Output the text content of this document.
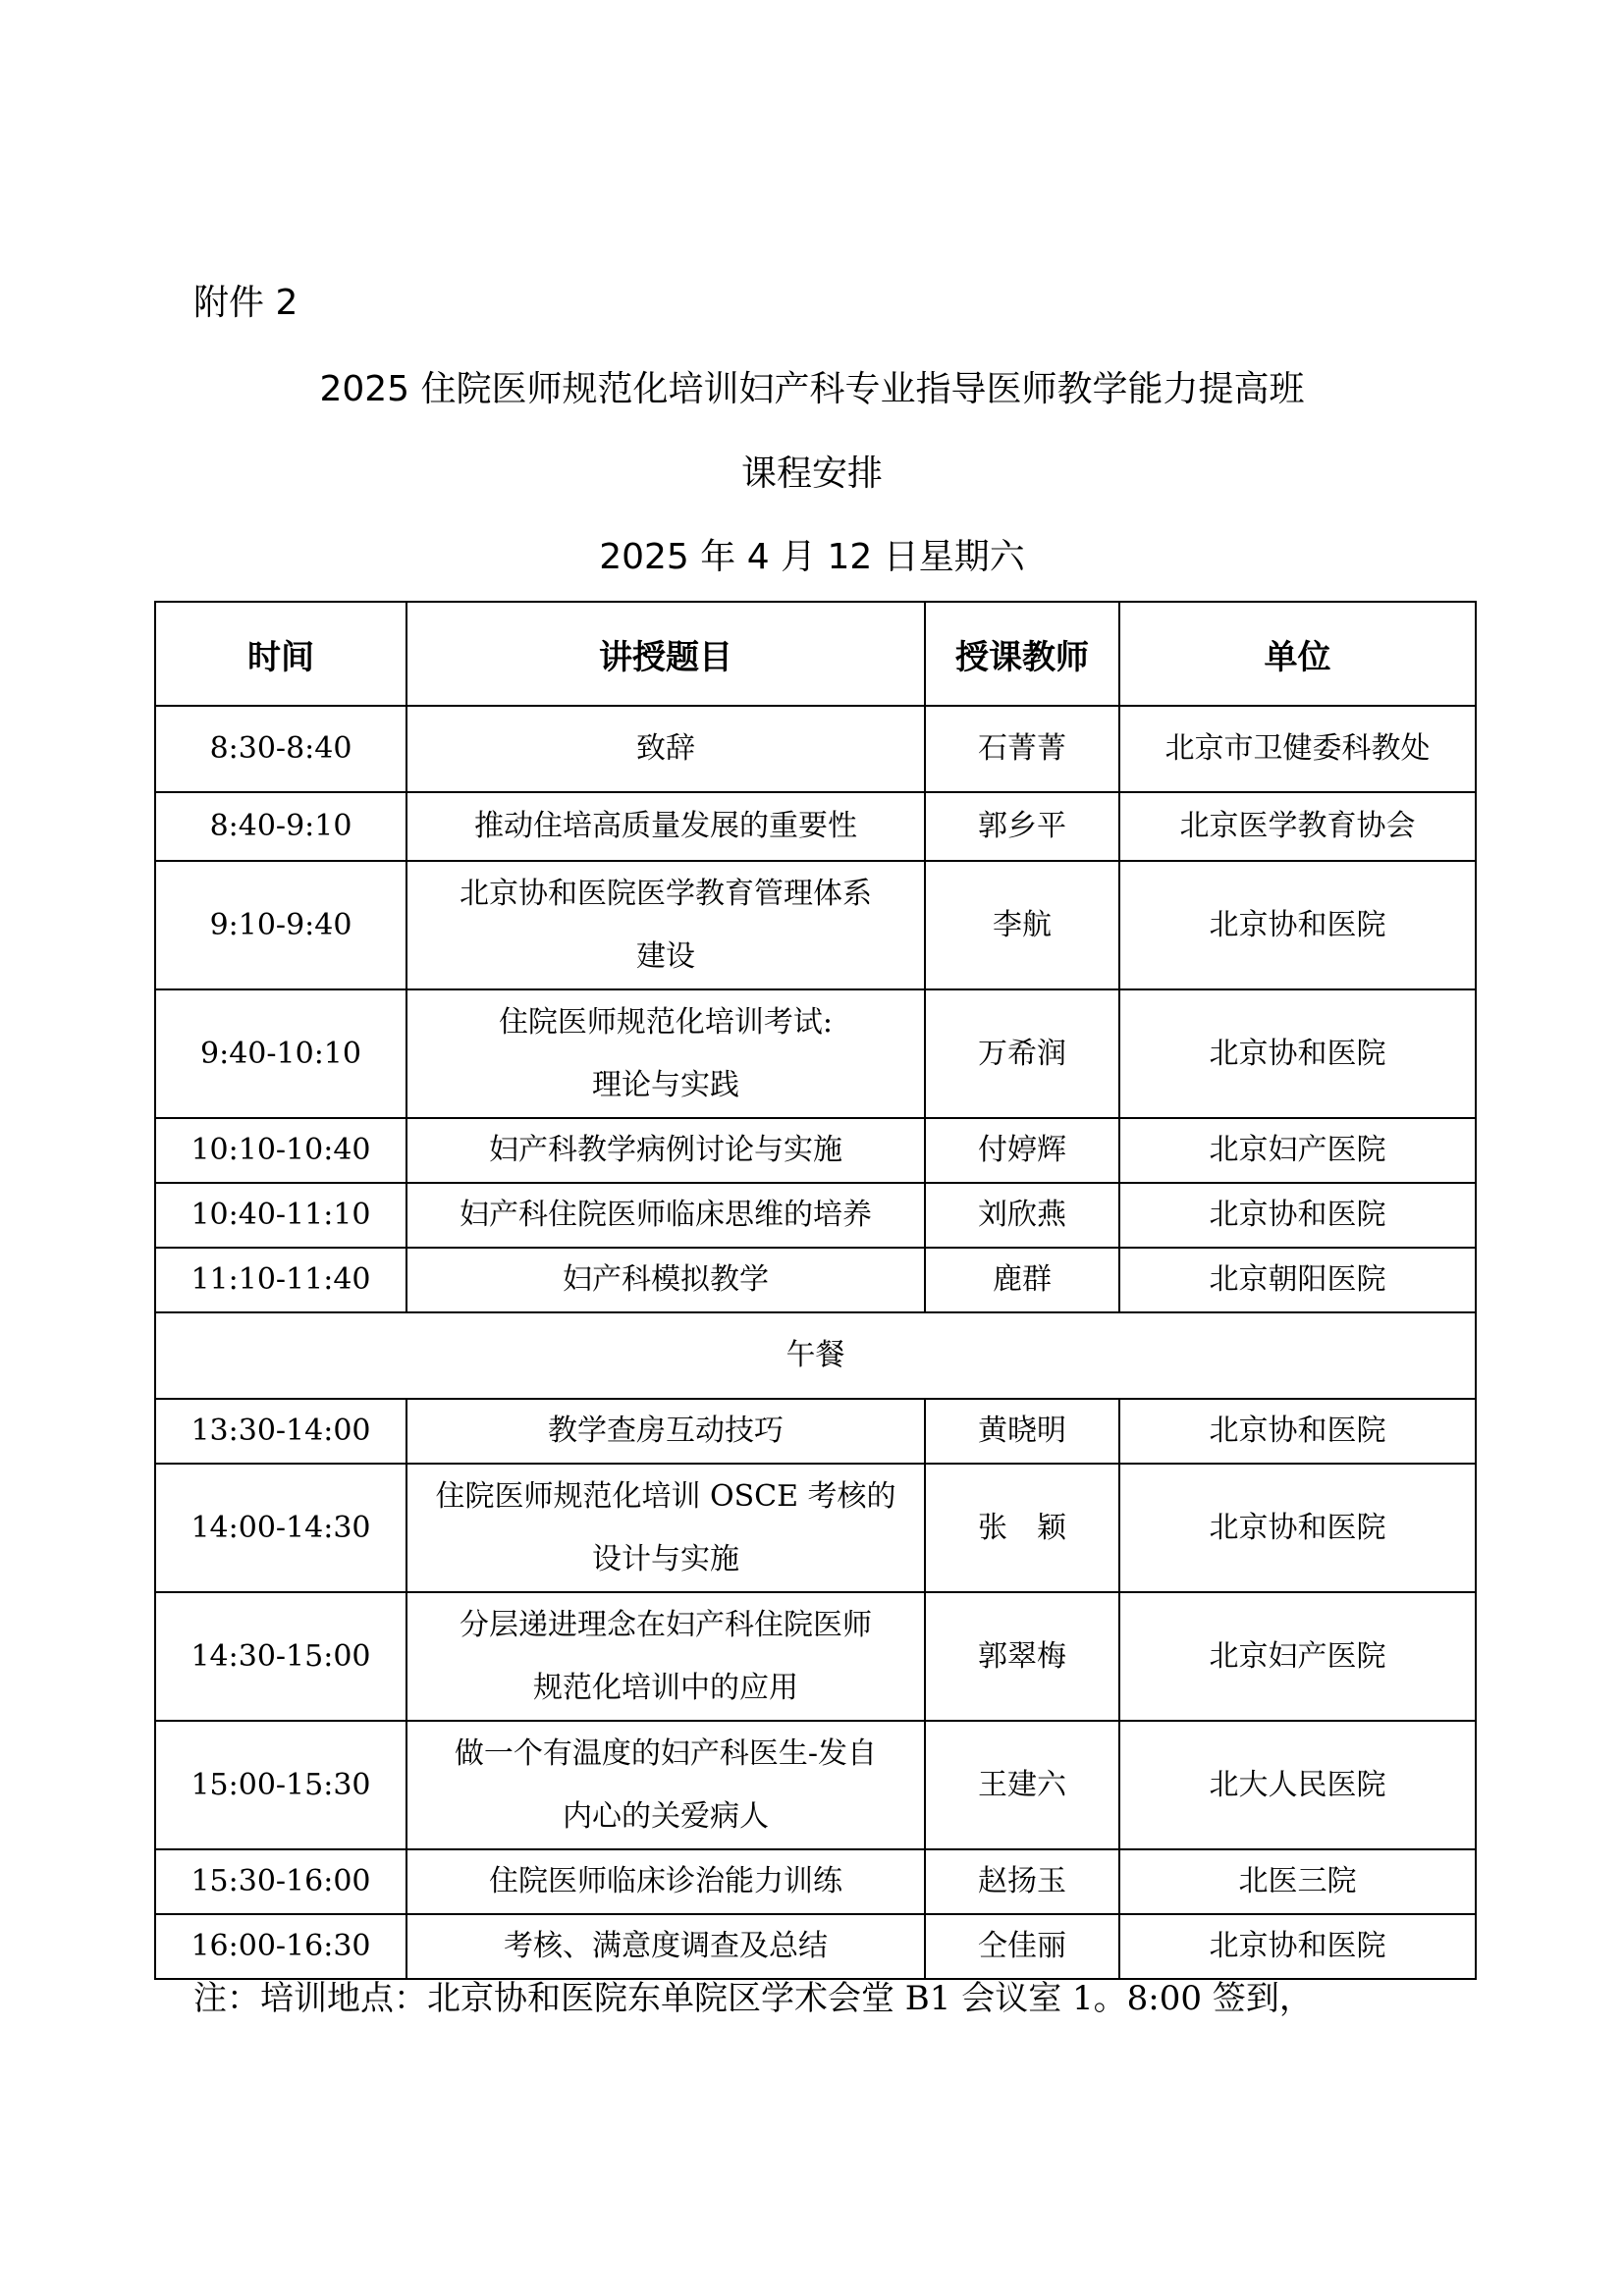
附件 2
2025 住院医师规范化培训妇产科专业指导医师教学能力提高班
课程安排
2025 年 4 月 12 日星期六
时间	讲授题目	授课教师	单位
8:30-8:40	致辞	石菁菁	北京市卫健委科教处
8:40-9:10	推动住培高质量发展的重要性	郭乡平	北京医学教育协会
9:10-9:40	北京协和医院医学教育管理体系
建设	李航	北京协和医院
9:40-10:10	住院医师规范化培训考试:
理论与实践	万希润	北京协和医院
10:10-10:40	妇产科教学病例讨论与实施	付婷辉	北京妇产医院
10:40-11:10	妇产科住院医师临床思维的培养	刘欣燕	北京协和医院
11:10-11:40	妇产科模拟教学	鹿群	北京朝阳医院
午餐			
13:30-14:00	教学查房互动技巧	黄晓明	北京协和医院
14:00-14:30	住院医师规范化培训 OSCE 考核的
设计与实施	张　颖	北京协和医院
14:30-15:00	分层递进理念在妇产科住院医师
规范化培训中的应用	郭翠梅	北京妇产医院
15:00-15:30	做一个有温度的妇产科医生-发自
内心的关爱病人	王建六	北大人民医院
15:30-16:00	住院医师临床诊治能力训练	赵扬玉	北医三院
16:00-16:30	考核、满意度调查及总结	仝佳丽	北京协和医院
注：培训地点：北京协和医院东单院区学术会堂 B1 会议室 1。8:00 签到，
